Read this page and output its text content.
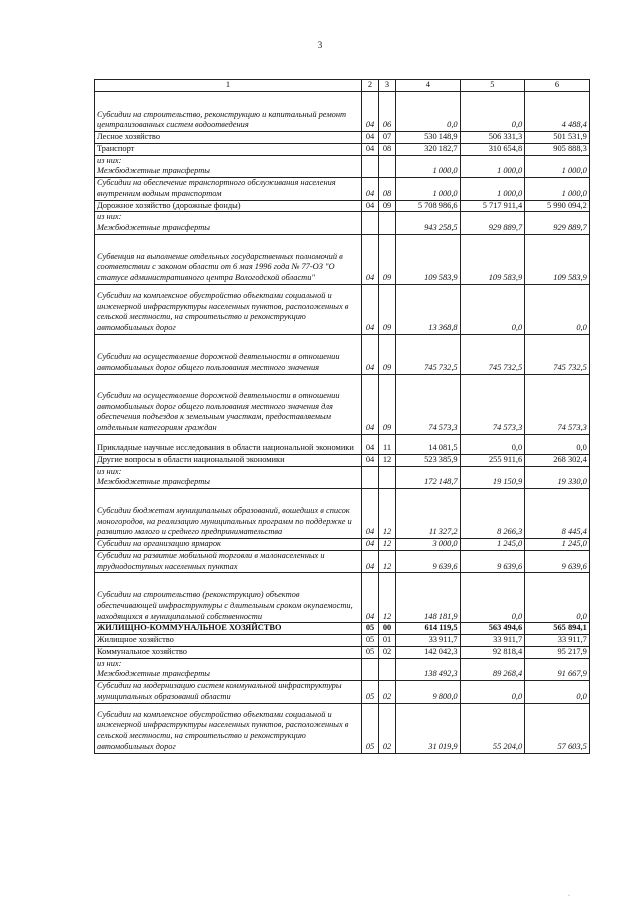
3
1	2	3	4	5	6
Субсидии на строительство, реконструкцию и капитальный ремонт централизованных систем водоотведения	04	06	0,0	0,0	4 488,4
Лесное хозяйство	04	07	530 148,9	506 331,3	501 531,9
Транспорт	04	08	320 182,7	310 654,8	905 888,3
из них:
Межбюджетные трансферты			1 000,0	1 000,0	1 000,0
Субсидии на обеспечение транспортного обслуживания населения внутренним водным транспортом	04	08	1 000,0	1 000,0	1 000,0
Дорожное хозяйство (дорожные фонды)	04	09	5 708 986,6	5 717 911,4	5 990 094,2
из них:
Межбюджетные трансферты			943 258,5	929 889,7	929 889,7
Субвенция на выполнение отдельных государственных полномочий в соответствии с законом области от 6 мая 1996 года № 77-ОЗ "О статусе административного центра Вологодской области"	04	09	109 583,9	109 583,9	109 583,9
Субсидии на комплексное обустройство объектами социальной и инженерной инфраструктуры населенных пунктов, расположенных в сельской местности, на строительство и реконструкцию автомобильных дорог	04	09	13 368,8	0,0	0,0
Субсидии на осуществление дорожной деятельности в отношении автомобильных дорог общего пользования местного значения	04	09	745 732,5	745 732,5	745 732,5
Субсидии на осуществление дорожной деятельности в отношении автомобильных дорог общего пользования местного значения для обеспечения подъездов к земельным участкам, предоставляемым отдельным категориям граждан	04	09	74 573,3	74 573,3	74 573,3
Прикладные научные исследования в области национальной экономики	04	11	14 081,5	0,0	0,0
Другие вопросы в области национальной экономики	04	12	523 385,9	255 911,6	268 302,4
из них:
Межбюджетные трансферты			172 148,7	19 150,9	19 330,0
Субсидии бюджетам муниципальных образований, вошедших в список моногородов, на реализацию муниципальных программ по поддержке и развитию малого и среднего предпринимательства	04	12	11 327,2	8 266,3	8 445,4
Субсидии на организацию ярмарок	04	12	3 000,0	1 245,0	1 245,0
Субсидии на развитие мобильной торговли в малонаселенных и труднодоступных населенных пунктах	04	12	9 639,6	9 639,6	9 639,6
Субсидии на строительство (реконструкцию) объектов обеспечивающей инфраструктуры с длительным сроком окупаемости, находящихся в муниципальной собственности	04	12	148 181,9	0,0	0,0
ЖИЛИЩНО-КОММУНАЛЬНОЕ ХОЗЯЙСТВО	05	00	614 119,5	563 494,6	565 894,1
Жилищное хозяйство	05	01	33 911,7	33 911,7	33 911,7
Коммунальное хозяйство	05	02	142 042,3	92 818,4	95 217,9
из них:
Межбюджетные трансферты			138 492,3	89 268,4	91 667,9
Субсидии на модернизацию систем коммунальной инфраструктуры муниципальных образований области	05	02	9 800,0	0,0	0,0
Субсидии на комплексное обустройство объектами социальной и инженерной инфраструктуры населенных пунктов, расположенных в сельской местности, на строительство и реконструкцию автомобильных дорог	05	02	31 019,9	55 204,0	57 603,5
·
